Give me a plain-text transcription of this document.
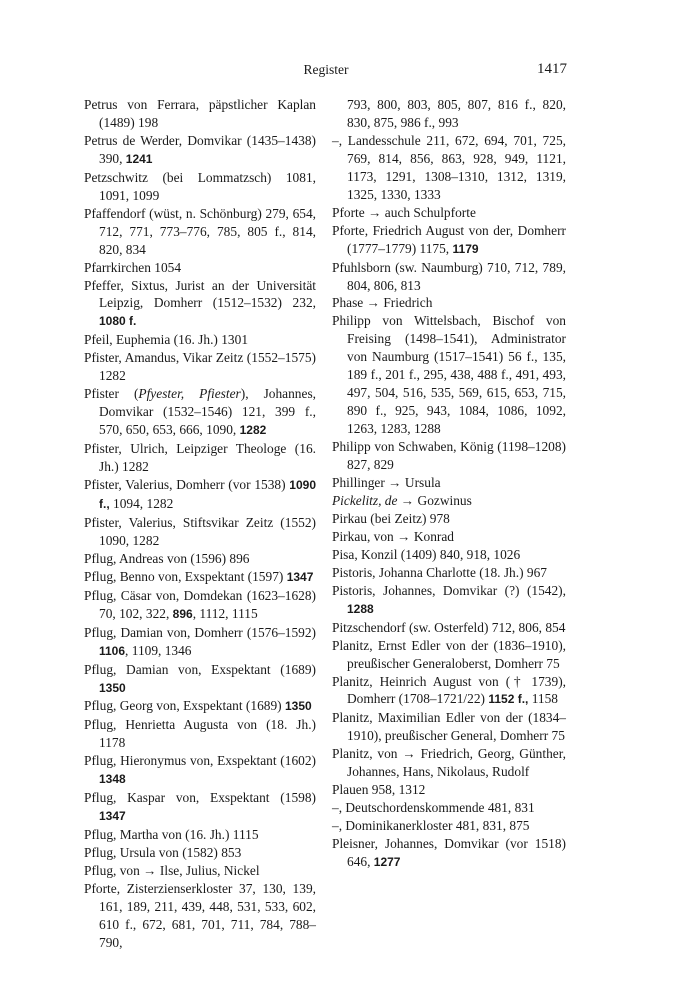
Register	1417

Petrus von Ferrara, päpstlicher Kaplan (1489) 198

Petrus de Werder, Domvikar (1435–1438) 390, 1241

Petzschwitz (bei Lommatzsch) 1081, 1091, 1099

Pfaffendorf (wüst, n. Schönburg) 279, 654, 712, 771, 773–776, 785, 805 f., 814, 820, 834

Pfarrkirchen 1054

Pfeffer, Sixtus, Jurist an der Universität Leipzig, Domherr (1512–1532) 232, 1080 f.

Pfeil, Euphemia (16. Jh.) 1301

Pfister, Amandus, Vikar Zeitz (1552–1575) 1282

Pfister (Pfyester, Pfiester), Johannes, Domvikar (1532–1546) 121, 399 f., 570, 650, 653, 666, 1090, 1282

Pfister, Ulrich, Leipziger Theologe (16. Jh.) 1282

Pfister, Valerius, Domherr (vor 1538) 1090 f., 1094, 1282

Pfister, Valerius, Stiftsvikar Zeitz (1552) 1090, 1282

Pflug, Andreas von (1596) 896

Pflug, Benno von, Exspektant (1597) 1347

Pflug, Cäsar von, Domdekan (1623–1628) 70, 102, 322, 896, 1112, 1115

Pflug, Damian von, Domherr (1576–1592) 1106, 1109, 1346

Pflug, Damian von, Exspektant (1689) 1350

Pflug, Georg von, Exspektant (1689) 1350

Pflug, Henrietta Augusta von (18. Jh.) 1178

Pflug, Hieronymus von, Exspektant (1602) 1348

Pflug, Kaspar von, Exspektant (1598) 1347

Pflug, Martha von (16. Jh.) 1115

Pflug, Ursula von (1582) 853

Pflug, von → Ilse, Julius, Nickel

Pforte, Zisterzienserkloster 37, 130, 139, 161, 189, 211, 439, 448, 531, 533, 602, 610 f., 672, 681, 701, 711, 784, 788–790,

793, 800, 803, 805, 807, 816 f., 820, 830, 875, 986 f., 993

–, Landesschule 211, 672, 694, 701, 725, 769, 814, 856, 863, 928, 949, 1121, 1173, 1291, 1308–1310, 1312, 1319, 1325, 1330, 1333

Pforte → auch Schulpforte

Pforte, Friedrich August von der, Domherr (1777–1779) 1175, 1179

Pfuhlsborn (sw. Naumburg) 710, 712, 789, 804, 806, 813

Phase → Friedrich

Philipp von Wittelsbach, Bischof von Freising (1498–1541), Administrator von Naumburg (1517–1541) 56 f., 135, 189 f., 201 f., 295, 438, 488 f., 491, 493, 497, 504, 516, 535, 569, 615, 653, 715, 890 f., 925, 943, 1084, 1086, 1092, 1263, 1283, 1288

Philipp von Schwaben, König (1198–1208) 827, 829

Phillinger → Ursula

Pickelitz, de → Gozwinus

Pirkau (bei Zeitz) 978

Pirkau, von → Konrad

Pisa, Konzil (1409) 840, 918, 1026

Pistoris, Johanna Charlotte (18. Jh.) 967

Pistoris, Johannes, Domvikar (?) (1542), 1288

Pitzschendorf (sw. Osterfeld) 712, 806, 854

Planitz, Ernst Edler von der (1836–1910), preußischer Generaloberst, Domherr 75

Planitz, Heinrich August von († 1739), Domherr (1708–1721/22) 1152 f., 1158

Planitz, Maximilian Edler von der (1834–1910), preußischer General, Domherr 75

Planitz, von → Friedrich, Georg, Günther, Johannes, Hans, Nikolaus, Rudolf

Plauen 958, 1312

–, Deutschordenskommende 481, 831

–, Dominikanerkloster 481, 831, 875

Pleisner, Johannes, Domvikar (vor 1518) 646, 1277
